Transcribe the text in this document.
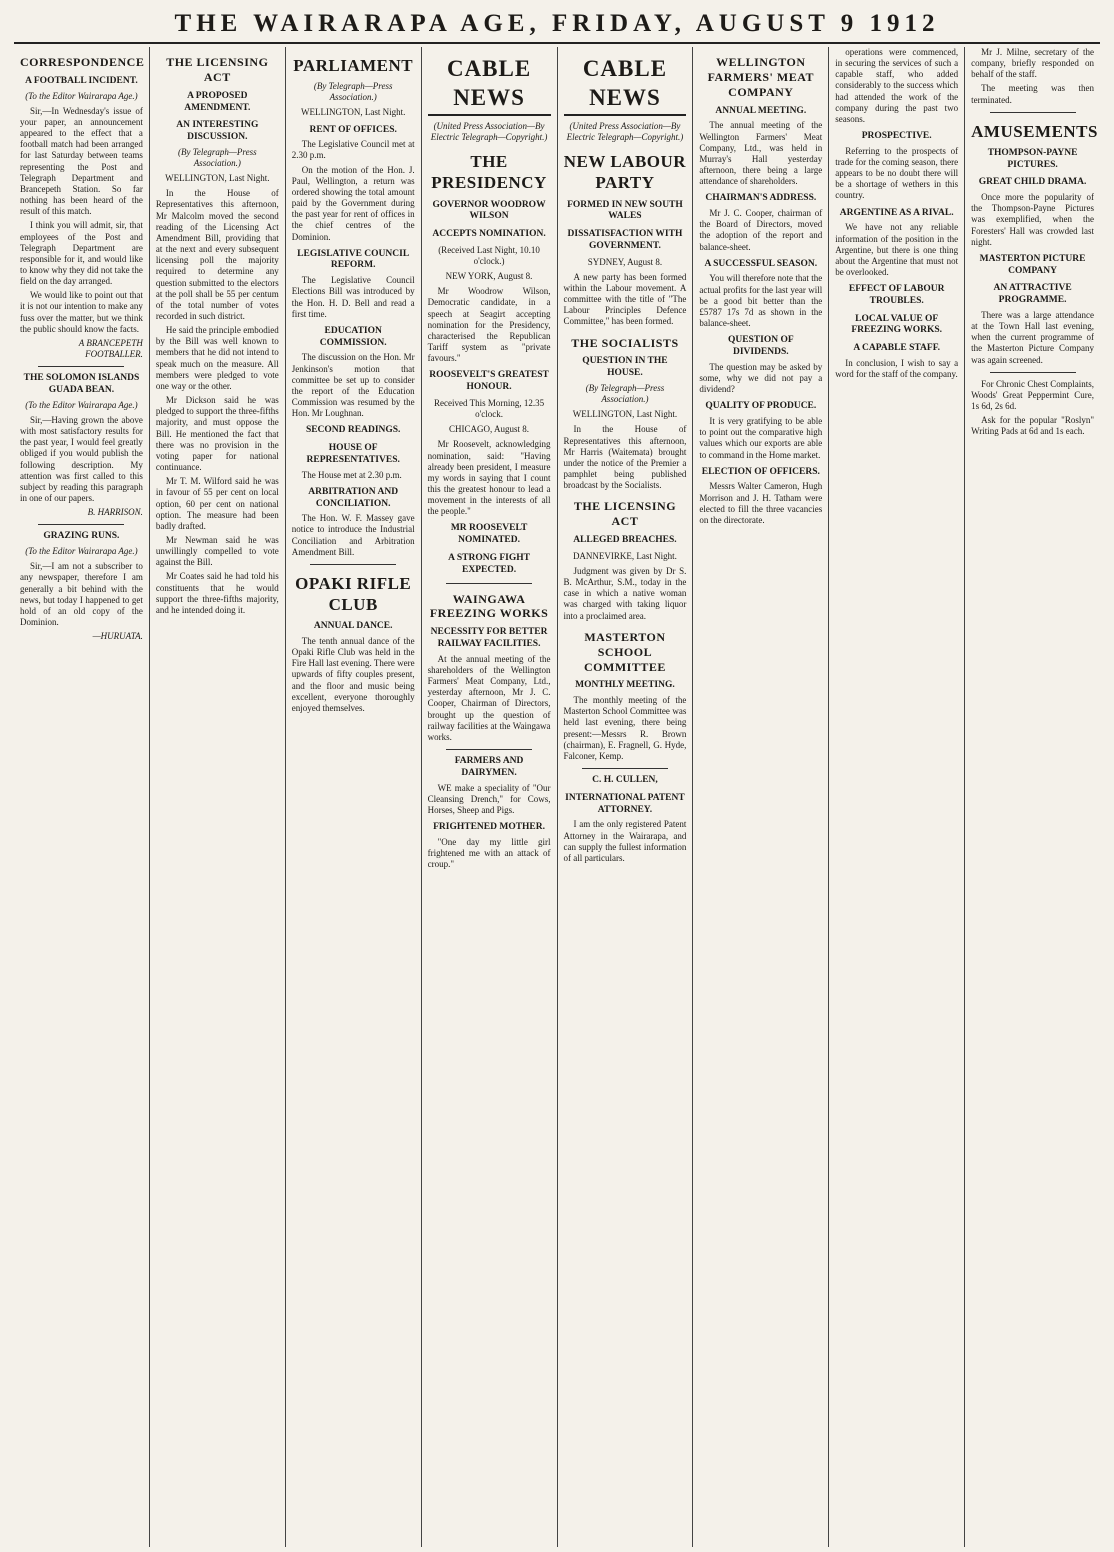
THE WAIRARAPA AGE, FRIDAY, AUGUST 9 1912
CORRESPONDENCE
A FOOTBALL INCIDENT.
(To the Editor Wairarapa Age.)

Sir,—In Wednesday's issue of your paper, an announcement appeared to the effect that a football match had been arranged for last Saturday between teams representing the Post and Telegraph Department and Brancepeth Station. So far nothing has been heard of the result of this match.

I think you will admit, sir, that employees of the Post and Telegraph Department are responsible for it, and would like to know why they did not take the field on the day arranged.

We would like to point out that it is not our intention to make any fuss over the matter, but we think the public should know the facts.

A BRANCEPETH FOOTBALLER.

THE SOLOMON ISLANDS GUADA BEAN.
(To the Editor Wairarapa Age.)

Sir,—Having grown the above with most satisfactory results for the past year, I would feel greatly obliged if you would publish the following description. My attention was first called to this subject by reading this paragraph in one of our papers.

B. HARRISON.

GRAZING RUNS.
(To the Editor Wairarapa Age.)

Sir,—I am not a subscriber to any newspaper, therefore I am generally a bit behind with the news, but today I happened to get hold of an old copy of the Dominion.

—HURUATA.

THE LICENSING ACT
A PROPOSED AMENDMENT.
AN INTERESTING DISCUSSION.
(By Telegraph—Press Association.)
WELLINGTON, Last Night.

In the House of Representatives this afternoon, Mr Malcolm moved the second reading of the Licensing Act Amendment Bill, providing that at the next and every subsequent licensing poll the majority required to determine any question submitted to the electors at the poll shall be 55 per centum of the total number of votes recorded in such district.

He said the principle embodied by the Bill was well known to members that he did not intend to speak much on the measure. All members were pledged to vote one way or the other.

Mr Dickson said he was pledged to support the three-fifths majority, and must oppose the Bill. He mentioned the fact that there was no provision in the voting paper for national continuance.

Mr T. M. Wilford said he was in favour of 55 per cent on local option, 60 per cent on national option. The measure had been badly drafted.

Mr Newman said he was unwillingly compelled to vote against the Bill.

Mr Coates said he had told his constituents that he would support the three-fifths majority, and he intended doing it.

PARLIAMENT
(By Telegraph—Press Association.)
WELLINGTON, Last Night.
RENT OF OFFICES.

The Legislative Council met at 2.30 p.m.

On the motion of the Hon. J. Paul, Wellington, a return was ordered showing the total amount paid by the Government during the past year for rent of offices in the chief centres of the Dominion.

LEGISLATIVE COUNCIL REFORM.

The Legislative Council Elections Bill was introduced by the Hon. H. D. Bell and read a first time.

EDUCATION COMMISSION.

The discussion on the Hon. Mr Jenkinson's motion that committee be set up to consider the report of the Education Commission was resumed by the Hon. Mr Loughnan.

SECOND READINGS.
HOUSE OF REPRESENTATIVES.

The House met at 2.30 p.m.

ARBITRATION AND CONCILIATION.

The Hon. W. F. Massey gave notice to introduce the Industrial Conciliation and Arbitration Amendment Bill.

OPAKI RIFLE CLUB
ANNUAL DANCE.

The tenth annual dance of the Opaki Rifle Club was held in the Fire Hall last evening. There were upwards of fifty couples present, and the floor and music being excellent, everyone thoroughly enjoyed themselves.

CABLE NEWS
(United Press Association—By Electric Telegraph—Copyright.)
THE PRESIDENCY
GOVERNOR WOODROW WILSON
ACCEPTS NOMINATION.
(Received Last Night, 10.10 o'clock.)
NEW YORK, August 8.

Mr Woodrow Wilson, Democratic candidate, in a speech at Seagirt accepting nomination for the Presidency, characterised the Republican Tariff system as "private favours."

ROOSEVELT'S GREATEST HONOUR.
Received This Morning, 12.35 o'clock.
CHICAGO, August 8.

Mr Roosevelt, acknowledging nomination, said: "Having already been president, I measure my words in saying that I count this the greatest honour to lead a movement in the interests of all the people."

MR ROOSEVELT NOMINATED.
A STRONG FIGHT EXPECTED.
WAINGAWA FREEZING WORKS
NECESSITY FOR BETTER RAILWAY FACILITIES.

At the annual meeting of the shareholders of the Wellington Farmers' Meat Company, Ltd., yesterday afternoon, Mr J. C. Cooper, Chairman of Directors, brought up the question of railway facilities at the Waingawa works.

FARMERS AND DAIRYMEN.

WE make a speciality of "Our Cleansing Drench," for Cows, Horses, Sheep and Pigs.

FRIGHTENED MOTHER.

"One day my little girl frightened me with an attack of croup."

CABLE NEWS
(United Press Association—By Electric Telegraph—Copyright.)
NEW LABOUR PARTY
FORMED IN NEW SOUTH WALES
DISSATISFACTION WITH GOVERNMENT.
SYDNEY, August 8.

A new party has been formed within the Labour movement. A committee with the title of "The Labour Principles Defence Committee," has been formed.

THE SOCIALISTS
QUESTION IN THE HOUSE.
(By Telegraph—Press Association.)
WELLINGTON, Last Night.

In the House of Representatives this afternoon, Mr Harris (Waitemata) brought under the notice of the Premier a pamphlet being published broadcast by the Socialists.

THE LICENSING ACT
ALLEGED BREACHES.
DANNEVIRKE, Last Night.

Judgment was given by Dr S. B. McArthur, S.M., today in the case in which a native woman was charged with taking liquor into a proclaimed area.

MASTERTON SCHOOL COMMITTEE
MONTHLY MEETING.

The monthly meeting of the Masterton School Committee was held last evening, there being present:—Messrs R. Brown (chairman), E. Fragnell, G. Hyde, Falconer, Kemp.

C. H. CULLEN,
INTERNATIONAL PATENT ATTORNEY.

I am the only registered Patent Attorney in the Wairarapa, and can supply the fullest information of all particulars.

WELLINGTON FARMERS' MEAT COMPANY
ANNUAL MEETING.

The annual meeting of the Wellington Farmers' Meat Company, Ltd., was held in Murray's Hall yesterday afternoon, there being a large attendance of shareholders.

CHAIRMAN'S ADDRESS.

Mr J. C. Cooper, chairman of the Board of Directors, moved the adoption of the report and balance-sheet.

A SUCCESSFUL SEASON.

You will therefore note that the actual profits for the last year will be a good bit better than the £5787 17s 7d as shown in the balance-sheet.

QUESTION OF DIVIDENDS.

The question may be asked by some, why we did not pay a dividend?

QUALITY OF PRODUCE.

It is very gratifying to be able to point out the comparative high values which our exports are able to command in the Home market.

ELECTION OF OFFICERS.

Messrs Walter Cameron, Hugh Morrison and J. H. Tatham were elected to fill the three vacancies on the directorate.

operations were commenced, in securing the services of such a capable staff, who added considerably to the success which had attended the work of the company during the past two seasons.

PROSPECTIVE.

Referring to the prospects of trade for the coming season, there appears to be no doubt there will be a shortage of wethers in this country.

ARGENTINE AS A RIVAL.

We have not any reliable information of the position in the Argentine, but there is one thing about the Argentine that must not be overlooked.

EFFECT OF LABOUR TROUBLES.
LOCAL VALUE OF FREEZING WORKS.
A CAPABLE STAFF.

In conclusion, I wish to say a word for the staff of the company.

Mr J. Milne, secretary of the company, briefly responded on behalf of the staff.

The meeting was then terminated.

AMUSEMENTS
THOMPSON-PAYNE PICTURES.
GREAT CHILD DRAMA.

Once more the popularity of the Thompson-Payne Pictures was exemplified, when the Foresters' Hall was crowded last night.

MASTERTON PICTURE COMPANY
AN ATTRACTIVE PROGRAMME.

There was a large attendance at the Town Hall last evening, when the current programme of the Masterton Picture Company was again screened.

For Chronic Chest Complaints, Woods' Great Peppermint Cure, 1s 6d, 2s 6d.

Ask for the popular "Roslyn" Writing Pads at 6d and 1s each.
